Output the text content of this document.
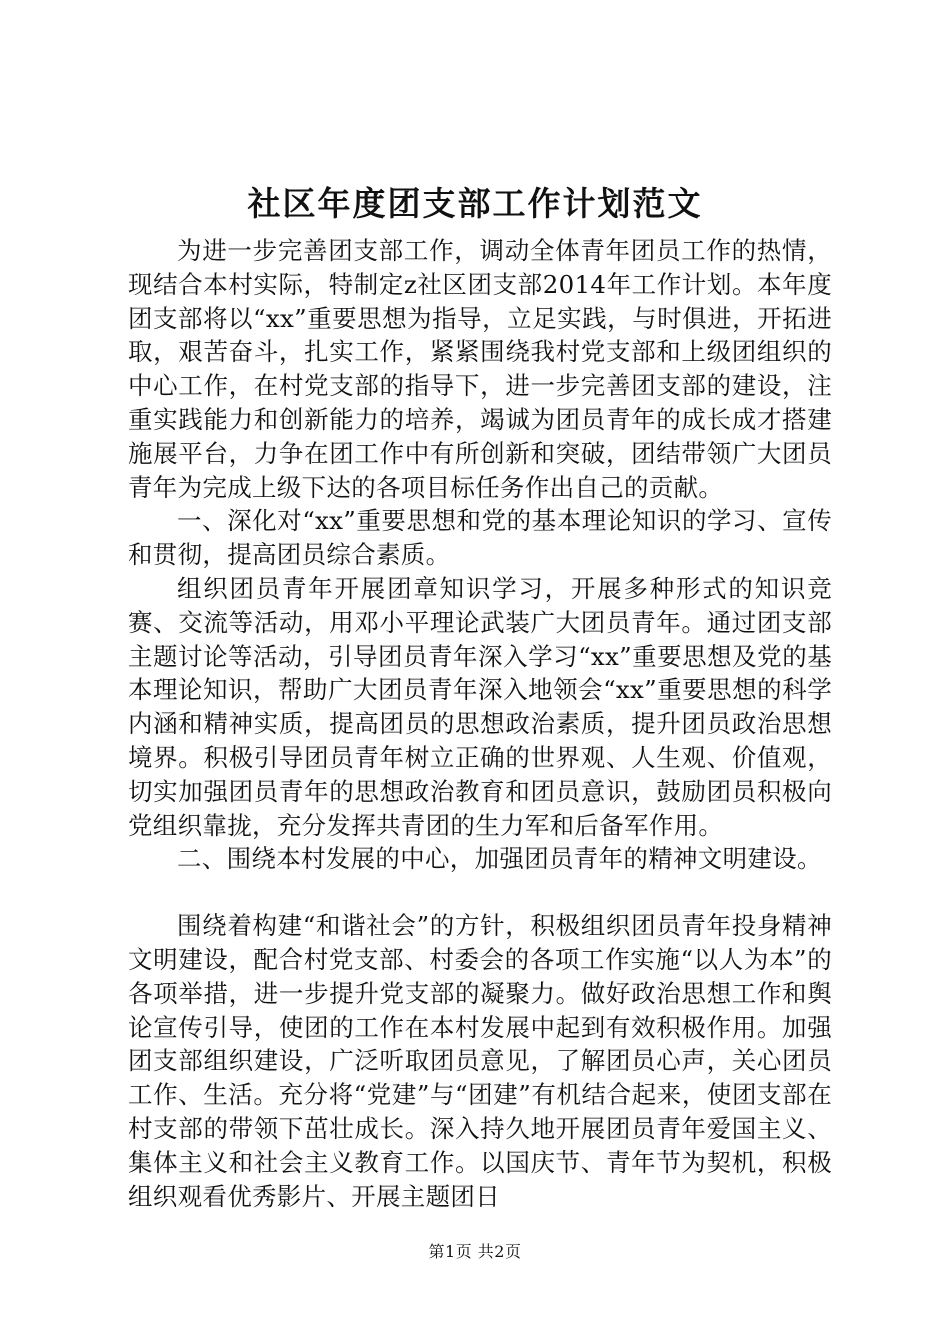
社区年度团支部工作计划范文

为进一步完善团支部工作，调动全体青年团员工作的热情，现结合本村实际，特制定z社区团支部2014年工作计划。本年度团支部将以“xx”重要思想为指导，立足实践，与时俱进，开拓进取，艰苦奋斗，扎实工作，紧紧围绕我村党支部和上级团组织的中心工作，在村党支部的指导下，进一步完善团支部的建设，注重实践能力和创新能力的培养，竭诚为团员青年的成长成才搭建施展平台，力争在团工作中有所创新和突破，团结带领广大团员青年为完成上级下达的各项目标任务作出自己的贡献。

一、深化对“xx”重要思想和党的基本理论知识的学习、宣传和贯彻，提高团员综合素质。

组织团员青年开展团章知识学习，开展多种形式的知识竞赛、交流等活动，用邓小平理论武装广大团员青年。通过团支部主题讨论等活动，引导团员青年深入学习“xx”重要思想及党的基本理论知识，帮助广大团员青年深入地领会“xx”重要思想的科学内涵和精神实质，提高团员的思想政治素质，提升团员政治思想境界。积极引导团员青年树立正确的世界观、人生观、价值观，切实加强团员青年的思想政治教育和团员意识，鼓励团员积极向党组织靠拢，充分发挥共青团的生力军和后备军作用。

二、围绕本村发展的中心，加强团员青年的精神文明建设。

围绕着构建“和谐社会”的方针，积极组织团员青年投身精神文明建设，配合村党支部、村委会的各项工作实施“以人为本”的各项举措，进一步提升党支部的凝聚力。做好政治思想工作和舆论宣传引导，使团的工作在本村发展中起到有效积极作用。加强团支部组织建设，广泛听取团员意见，了解团员心声，关心团员工作、生活。充分将“党建”与“团建”有机结合起来，使团支部在村支部的带领下茁壮成长。深入持久地开展团员青年爱国主义、集体主义和社会主义教育工作。以国庆节、青年节为契机，积极组织观看优秀影片、开展主题团日

第1页 共2页
